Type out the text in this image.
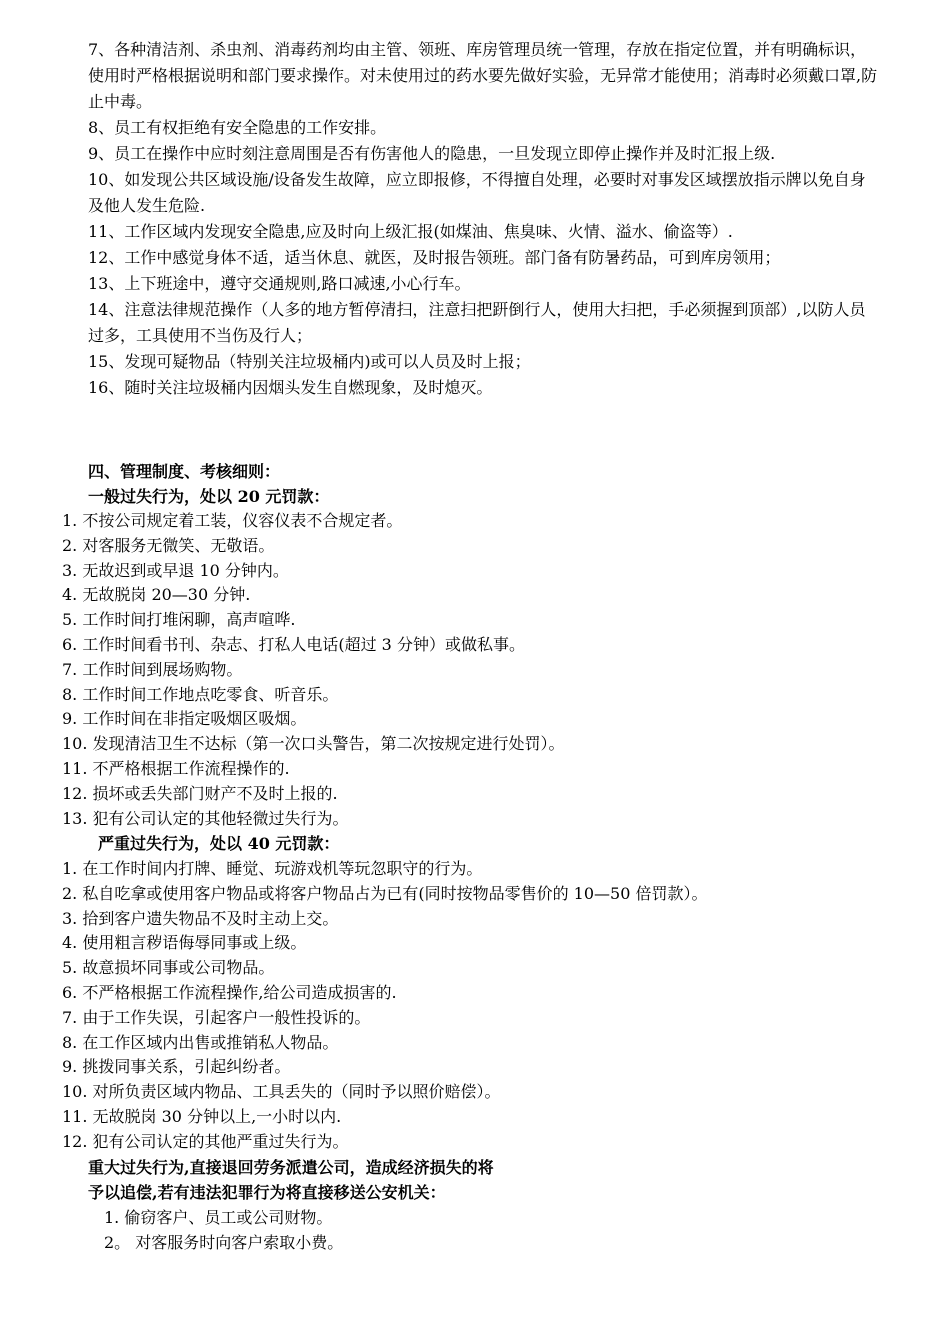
7、各种清洁剂、杀虫剂、消毒药剂均由主管、领班、库房管理员统一管理，存放在指定位置，并有明确标识，使用时严格根据说明和部门要求操作。对未使用过的药水要先做好实验，无异常才能使用；消毒时必须戴口罩,防止中毒。

8、员工有权拒绝有安全隐患的工作安排。

9、员工在操作中应时刻注意周围是否有伤害他人的隐患，一旦发现立即停止操作并及时汇报上级.

10、如发现公共区域设施/设备发生故障，应立即报修，不得擅自处理，必要时对事发区域摆放指示牌以免自身及他人发生危险.

11、工作区域内发现安全隐患,应及时向上级汇报(如煤油、焦臭味、火情、溢水、偷盗等）.

12、工作中感觉身体不适，适当休息、就医，及时报告领班。部门备有防暑药品，可到库房领用；

13、上下班途中，遵守交通规则,路口减速,小心行车。

14、注意法律规范操作（人多的地方暂停清扫，注意扫把趼倒行人，使用大扫把，手必须握到顶部）,以防人员过多，工具使用不当伤及行人；

15、发现可疑物品（特别关注垃圾桶内)或可以人员及时上报；

16、随时关注垃圾桶内因烟头发生自燃现象，及时熄灭。

四、管理制度、考核细则：

一般过失行为，处以 20 元罚款：

1. 不按公司规定着工装，仪容仪表不合规定者。

2. 对客服务无微笑、无敬语。

3. 无故迟到或早退 10 分钟内。

4. 无故脱岗 20—30 分钟.

5. 工作时间打堆闲聊，高声喧哗.

6. 工作时间看书刊、杂志、打私人电话(超过 3 分钟）或做私事。

7. 工作时间到展场购物。

8. 工作时间工作地点吃零食、听音乐。

9. 工作时间在非指定吸烟区吸烟。

10. 发现清洁卫生不达标（第一次口头警告，第二次按规定进行处罚）。

11. 不严格根据工作流程操作的.

12. 损坏或丢失部门财产不及时上报的.

13. 犯有公司认定的其他轻微过失行为。

严重过失行为，处以 40 元罚款：

1. 在工作时间内打牌、睡觉、玩游戏机等玩忽职守的行为。

2. 私自吃拿或使用客户物品或将客户物品占为已有(同时按物品零售价的 10—50 倍罚款）。

3. 拾到客户遗失物品不及时主动上交。

4. 使用粗言秽语侮辱同事或上级。

5. 故意损坏同事或公司物品。

6. 不严格根据工作流程操作,给公司造成损害的.

7. 由于工作失误，引起客户一般性投诉的。

8. 在工作区域内出售或推销私人物品。

9. 挑拨同事关系，引起纠纷者。

10. 对所负责区域内物品、工具丢失的（同时予以照价赔偿）。

11. 无故脱岗 30 分钟以上,一小时以内.

12. 犯有公司认定的其他严重过失行为。

重大过失行为,直接退回劳务派遣公司，造成经济损失的将

予以追偿,若有违法犯罪行为将直接移送公安机关：

1. 偷窃客户、员工或公司财物。

2。 对客服务时向客户索取小费。
